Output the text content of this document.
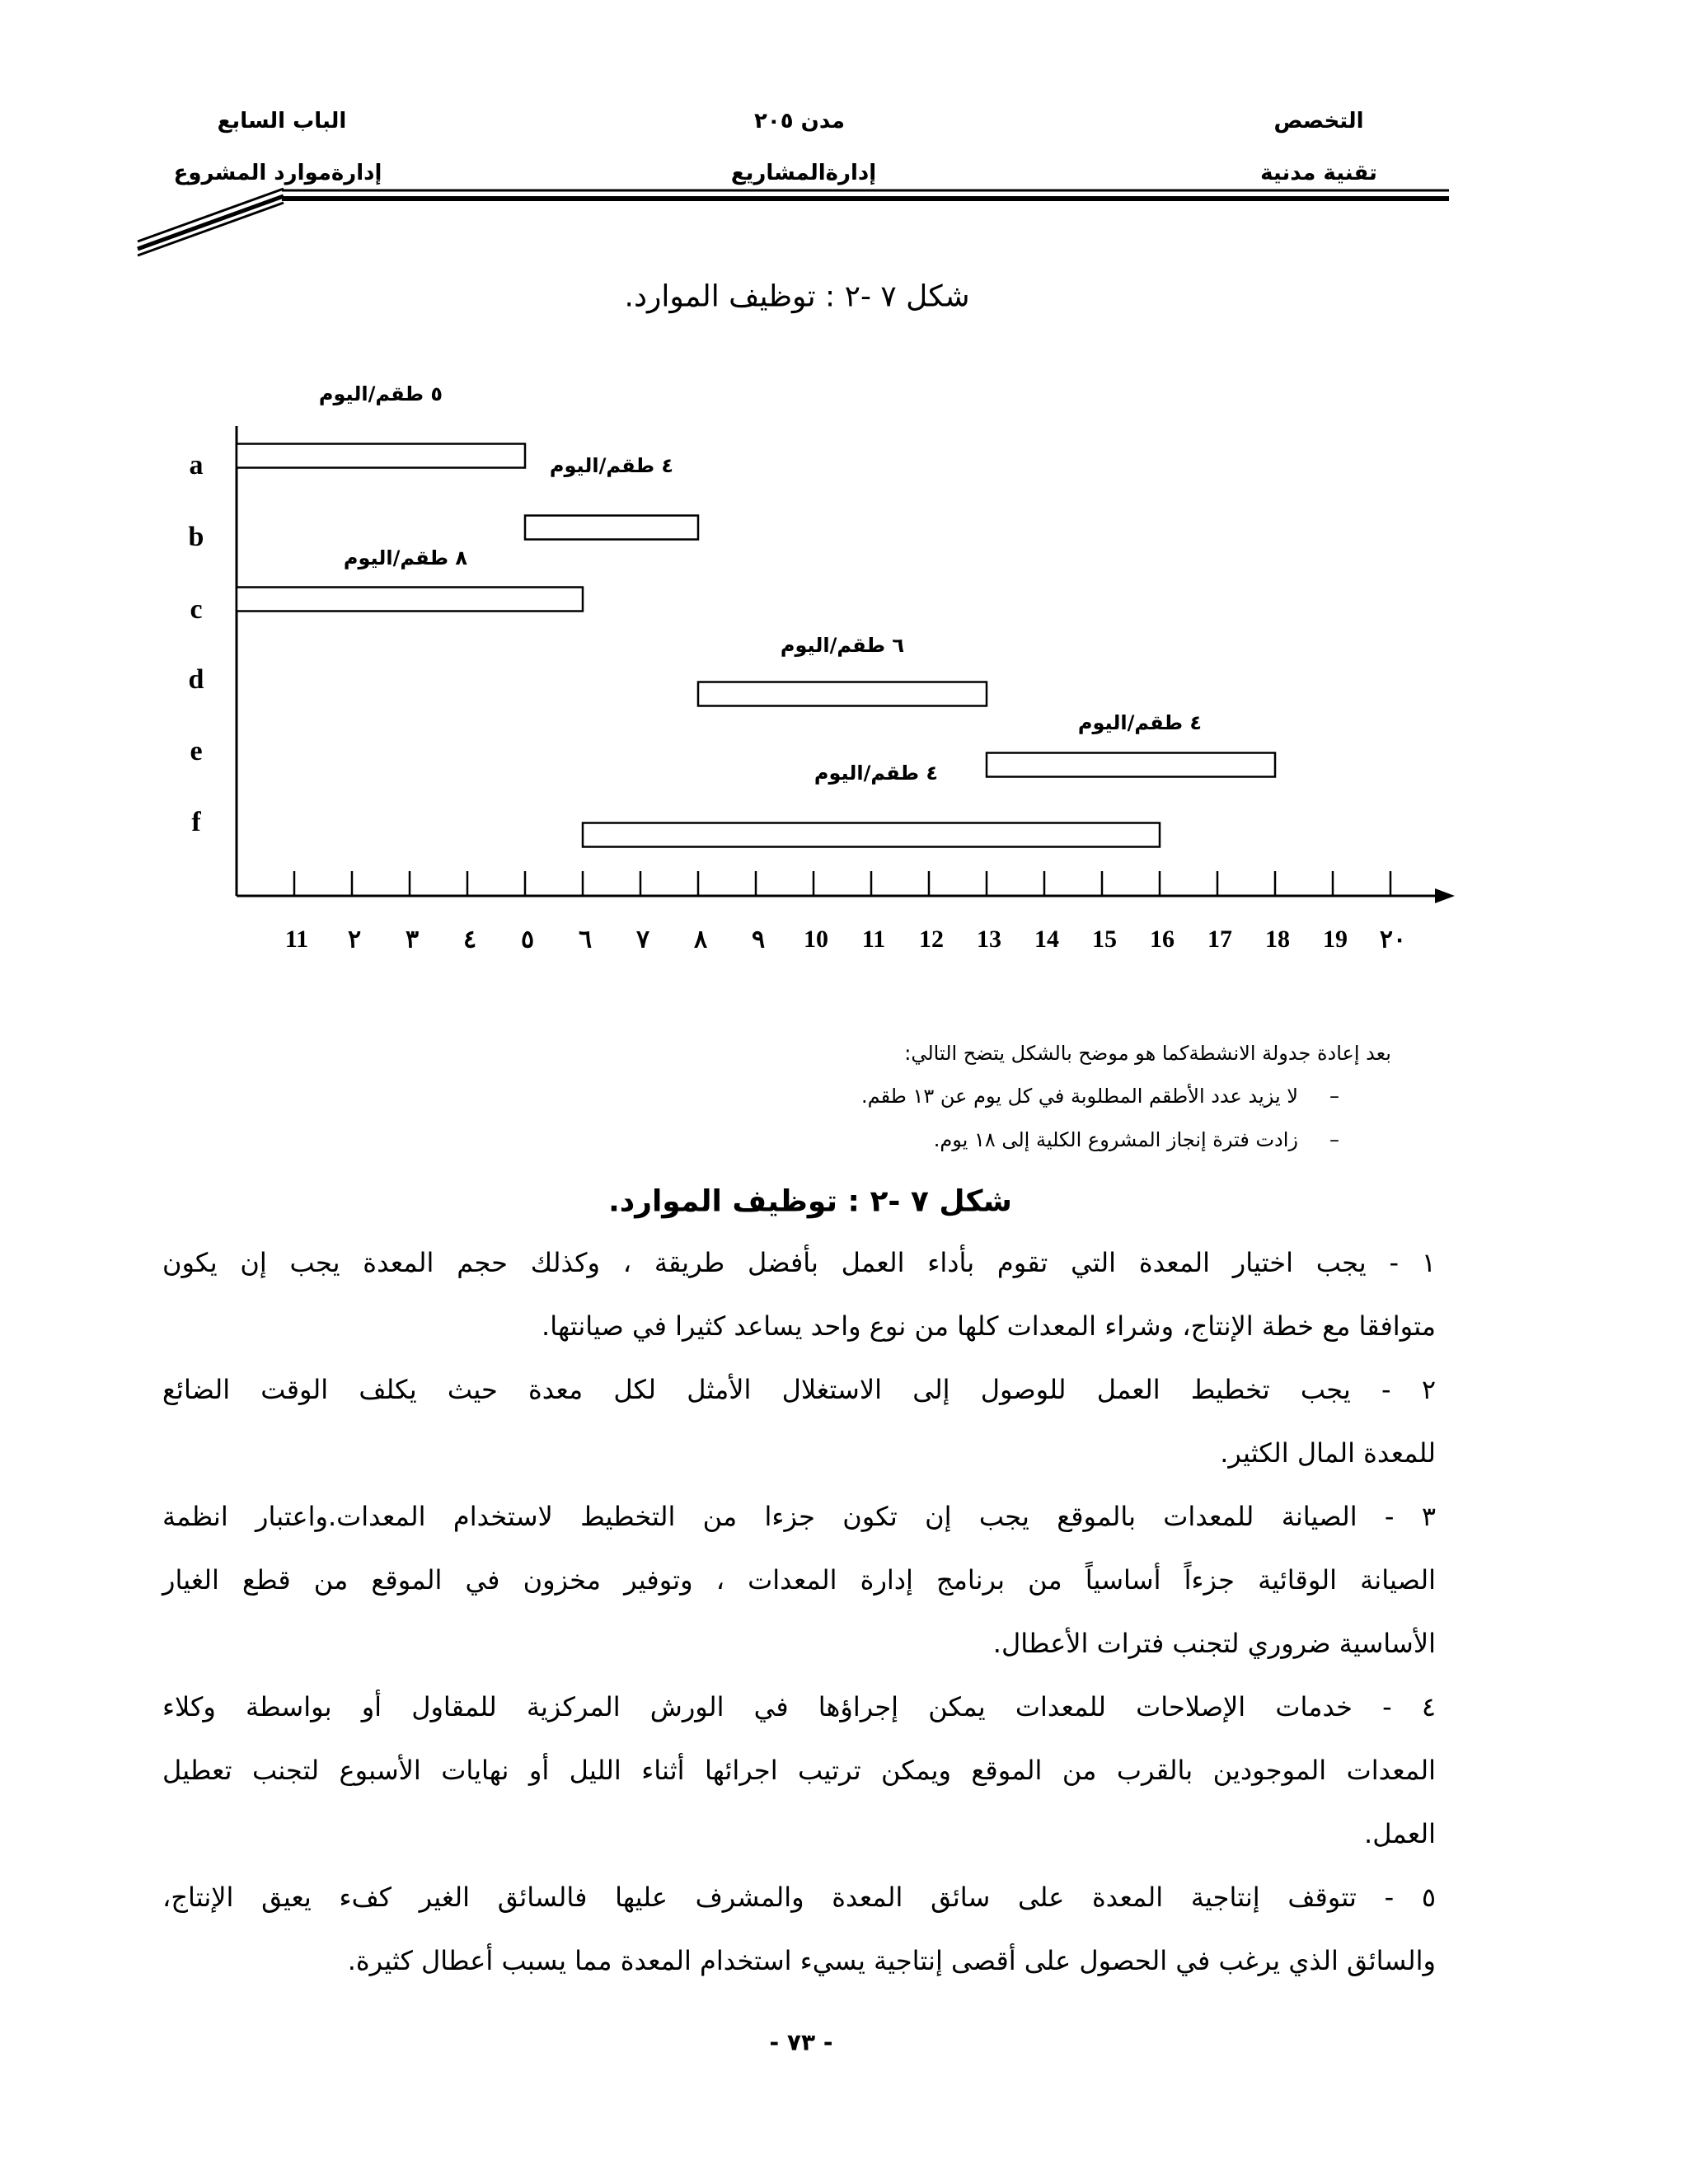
التخصص
تقنية مدنية
مدن ٢٠٥
إدارةالمشاريع
الباب السابع
إدارةموارد المشروع
شكل ٧ -٢ : توظيف الموارد.
11 ٢ ٣ ٤ ٥ ٦ ٧ ٨ ٩ 10 11 12 13 14 15 16 17 18 19 ٢٠
a
٥ طقم/اليوم
b
٤ طقم/اليوم
c
٨ طقم/اليوم
d
٦ طقم/اليوم
e
٤ طقم/اليوم
f
٤ طقم/اليوم
بعد إعادة جدولة الانشطةكما هو موضح بالشكل يتضح التالي:
–
لا يزيد عدد الأطقم المطلوبة في كل يوم عن ١٣ طقم.
–
زادت فترة إنجاز المشروع الكلية إلى ١٨ يوم.
شكل ٧ -٢ : توظيف الموارد.
١ - يجب اختيار المعدة التي تقوم بأداء العمل بأفضل طريقة ، وكذلك حجم المعدة يجب إن يكون
متوافقا مع خطة الإنتاج، وشراء المعدات كلها من نوع واحد يساعد كثيرا في صيانتها.
٢ - يجب تخطيط العمل للوصول إلى الاستغلال الأمثل لكل معدة حيث يكلف الوقت الضائع
للمعدة المال الكثير.
٣ - الصيانة للمعدات بالموقع يجب إن تكون جزءا من التخطيط لاستخدام المعدات.واعتبار انظمة
الصيانة الوقائية جزءاً أساسياً من برنامج إدارة المعدات ، وتوفير مخزون في الموقع من قطع الغيار
الأساسية ضروري لتجنب فترات الأعطال.
٤ - خدمات الإصلاحات للمعدات يمكن إجراؤها في الورش المركزية للمقاول أو بواسطة وكلاء
المعدات الموجودين بالقرب من الموقع ويمكن ترتيب اجرائها أثناء الليل أو نهايات الأسبوع لتجنب تعطيل
العمل.
٥ - تتوقف إنتاجية المعدة على سائق المعدة والمشرف عليها فالسائق الغير كفء يعيق الإنتاج،
والسائق الذي يرغب في الحصول على أقصى إنتاجية يسيء استخدام المعدة مما يسبب أعطال كثيرة.
- ٧٣ -
